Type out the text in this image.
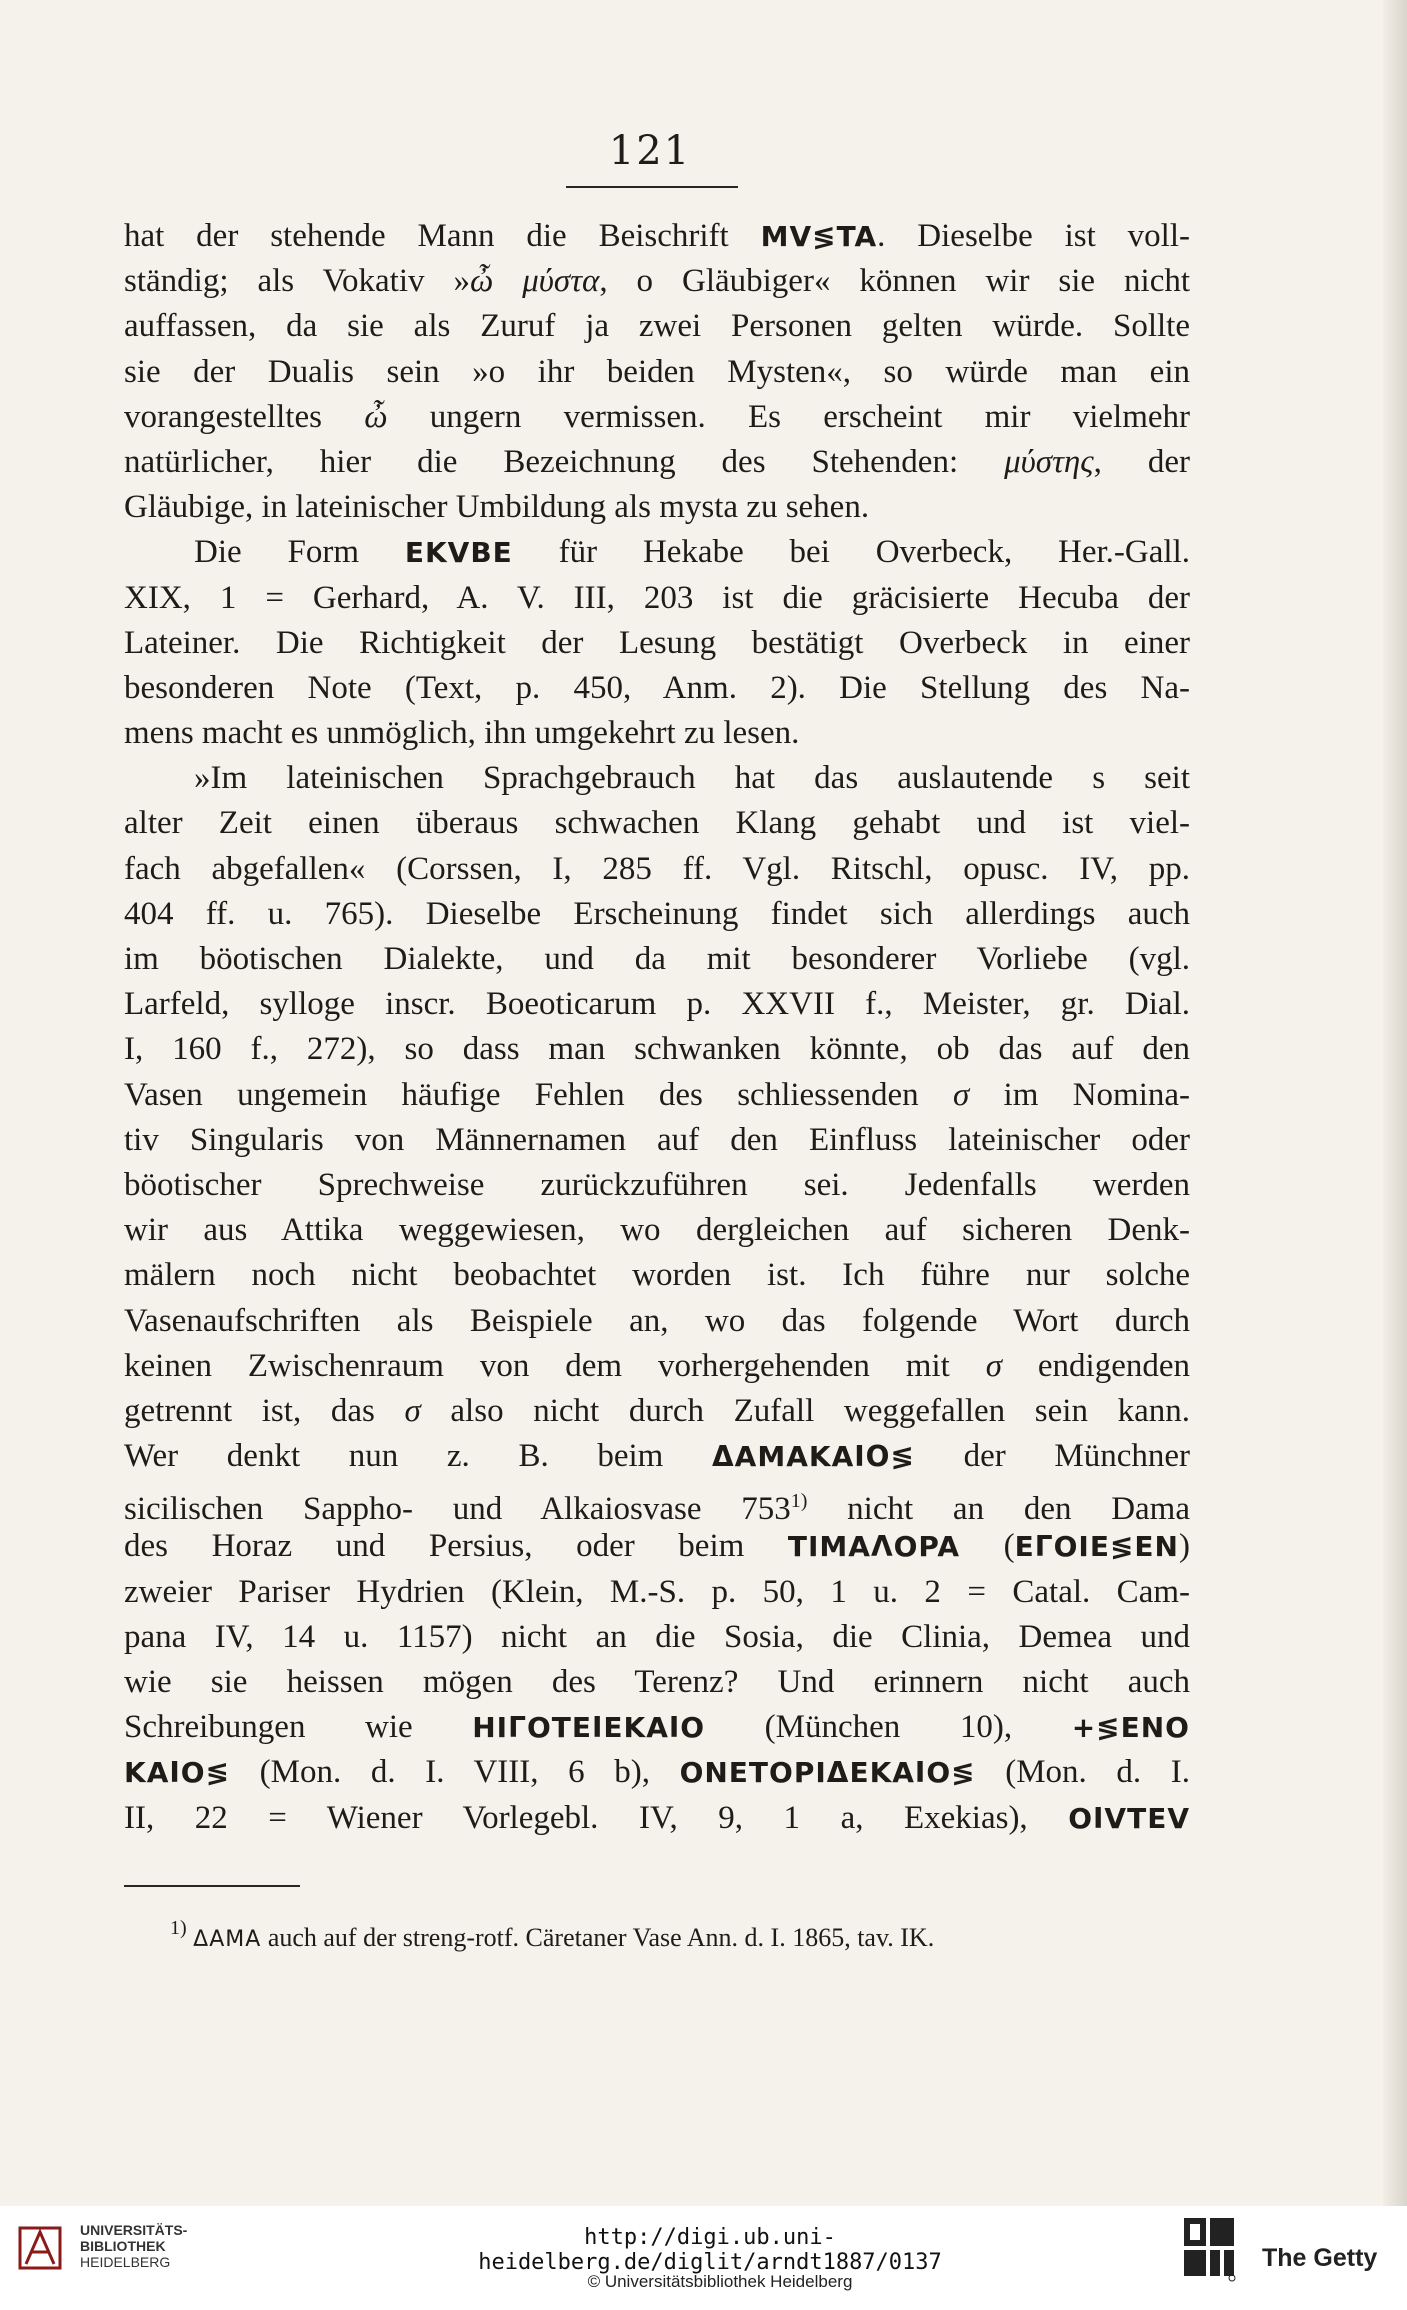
121
hat der stehende Mann die Beischrift MV≶TA. Dieselbe ist voll-
ständig; als Vokativ »ὦ μύστα, o Gläubiger« können wir sie nicht
auffassen, da sie als Zuruf ja zwei Personen gelten würde. Sollte
sie der Dualis sein »o ihr beiden Mysten«, so würde man ein
vorangestelltes ὦ ungern vermissen. Es erscheint mir vielmehr
natürlicher, hier die Bezeichnung des Stehenden: μύστης, der
Gläubige, in lateinischer Umbildung als mysta zu sehen.
Die Form EKVBE für Hekabe bei Overbeck, Her.-Gall.
XIX, 1 = Gerhard, A. V. III, 203 ist die gräcisierte Hecuba der
Lateiner. Die Richtigkeit der Lesung bestätigt Overbeck in einer
besonderen Note (Text, p. 450, Anm. 2). Die Stellung des Na-
mens macht es unmöglich, ihn umgekehrt zu lesen.
»Im lateinischen Sprachgebrauch hat das auslautende s seit
alter Zeit einen überaus schwachen Klang gehabt und ist viel-
fach abgefallen« (Corssen, I, 285 ff. Vgl. Ritschl, opusc. IV, pp.
404 ff. u. 765). Dieselbe Erscheinung findet sich allerdings auch
im böotischen Dialekte, und da mit besonderer Vorliebe (vgl.
Larfeld, sylloge inscr. Boeoticarum p. XXVII f., Meister, gr. Dial.
I, 160 f., 272), so dass man schwanken könnte, ob das auf den
Vasen ungemein häufige Fehlen des schliessenden σ im Nomina-
tiv Singularis von Männernamen auf den Einfluss lateinischer oder
böotischer Sprechweise zurückzuführen sei. Jedenfalls werden
wir aus Attika weggewiesen, wo dergleichen auf sicheren Denk-
mälern noch nicht beobachtet worden ist. Ich führe nur solche
Vasenaufschriften als Beispiele an, wo das folgende Wort durch
keinen Zwischenraum von dem vorhergehenden mit σ endigenden
getrennt ist, das σ also nicht durch Zufall weggefallen sein kann.
Wer denkt nun z. B. beim ΔAMAKAΙΟ≶ der Münchner
sicilischen Sappho- und Alkaiosvase 753$^{1)}$ nicht an den Dama
des Horaz und Persius, oder beim TIMAΛOPA (EΓOIE≶EN)
zweier Pariser Hydrien (Klein, M.-S. p. 50, 1 u. 2 = Catal. Cam-
pana IV, 14 u. 1157) nicht an die Sosia, die Clinia, Demea und
wie sie heissen mögen des Terenz? Und erinnern nicht auch
Schreibungen wie HIΓOTEΙEKAΙO (München 10), +≶ENO
KAΙO≶ (Mon. d. I. VIII, 6 b), ONETOPIΔEKAΙO≶ (Mon. d. I.
II, 22 = Wiener Vorlegebl. IV, 9, 1 a, Exekias), OΙVTEV
$^{1)}$ ΔAMA auch auf der streng-rotf. Cäretaner Vase Ann. d. I. 1865, tav. IK.
UNIVERSITÄTS-
BIBLIOTHEK
HEIDELBERG
http://digi.ub.uni-heidelberg.de/diglit/arndt1887/0137
© Universitätsbibliothek Heidelberg
The Getty
